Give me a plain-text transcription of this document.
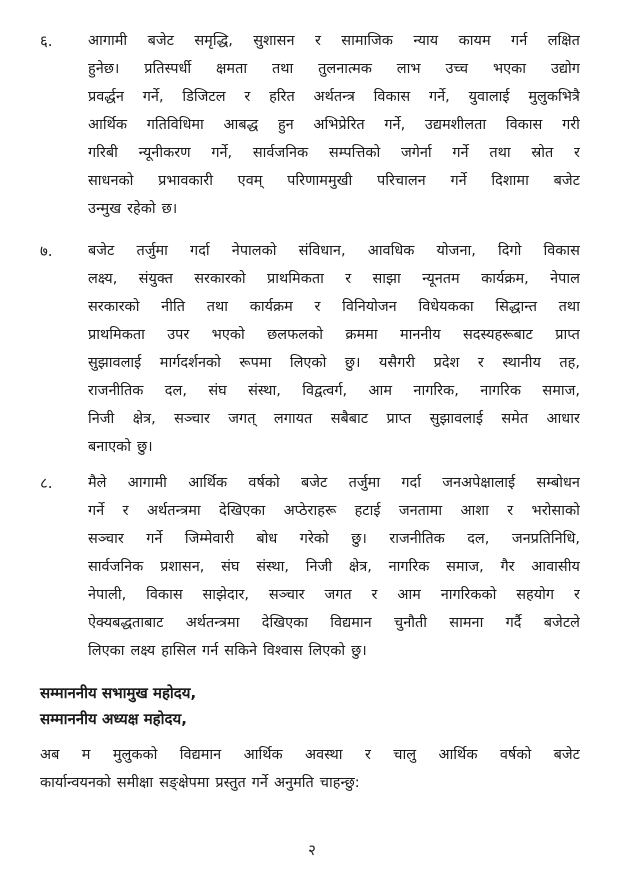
६. आगामी बजेट समृद्धि, सुशासन र सामाजिक न्याय कायम गर्न लक्षित
हुनेछ। प्रतिस्पर्धी क्षमता तथा तुलनात्मक लाभ उच्च भएका उद्योग
प्रवर्द्धन गर्ने, डिजिटल र हरित अर्थतन्त्र विकास गर्ने, युवालाई मुलुकभित्रै
आर्थिक गतिविधिमा आबद्ध हुन अभिप्रेरित गर्ने, उद्यमशीलता विकास गरी
गरिबी न्यूनीकरण गर्ने, सार्वजनिक सम्पत्तिको जगेर्ना गर्ने तथा स्रोत र
साधनको प्रभावकारी एवम् परिणाममुखी परिचालन गर्ने दिशामा बजेट
उन्मुख रहेको छ।
७. बजेट तर्जुमा गर्दा नेपालको संविधान, आवधिक योजना, दिगो विकास
लक्ष्य, संयुक्त सरकारको प्राथमिकता र साझा न्यूनतम कार्यक्रम, नेपाल
सरकारको नीति तथा कार्यक्रम र विनियोजन विधेयकका सिद्धान्त तथा
प्राथमिकता उपर भएको छलफलको क्रममा माननीय सदस्यहरूबाट प्राप्त
सुझावलाई मार्गदर्शनको रूपमा लिएको छु। यसैगरी प्रदेश र स्थानीय तह,
राजनीतिक दल, संघ संस्था, विद्वत्वर्ग, आम नागरिक, नागरिक समाज,
निजी क्षेत्र, सञ्चार जगत् लगायत सबैबाट प्राप्त सुझावलाई समेत आधार
बनाएको छु।
८. मैले आगामी आर्थिक वर्षको बजेट तर्जुमा गर्दा जनअपेक्षालाई सम्बोधन
गर्ने र अर्थतन्त्रमा देखिएका अप्ठेराहरू हटाई जनतामा आशा र भरोसाको
सञ्चार गर्ने जिम्मेवारी बोध गरेको छु। राजनीतिक दल, जनप्रतिनिधि,
सार्वजनिक प्रशासन, संघ संस्था, निजी क्षेत्र, नागरिक समाज, गैर आवासीय
नेपाली, विकास साझेदार, सञ्चार जगत र आम नागरिकको सहयोग र
ऐक्यबद्धताबाट अर्थतन्त्रमा देखिएका विद्यमान चुनौती सामना गर्दै बजेटले
लिएका लक्ष्य हासिल गर्न सकिने विश्वास लिएको छु।
सम्माननीय सभामुख महोदय,
सम्माननीय अध्यक्ष महोदय,
अब म मुलुकको विद्यमान आर्थिक अवस्था र चालु आर्थिक वर्षको बजेट
कार्यान्वयनको समीक्षा सङ्क्षेपमा प्रस्तुत गर्ने अनुमति चाहन्छु:
२
